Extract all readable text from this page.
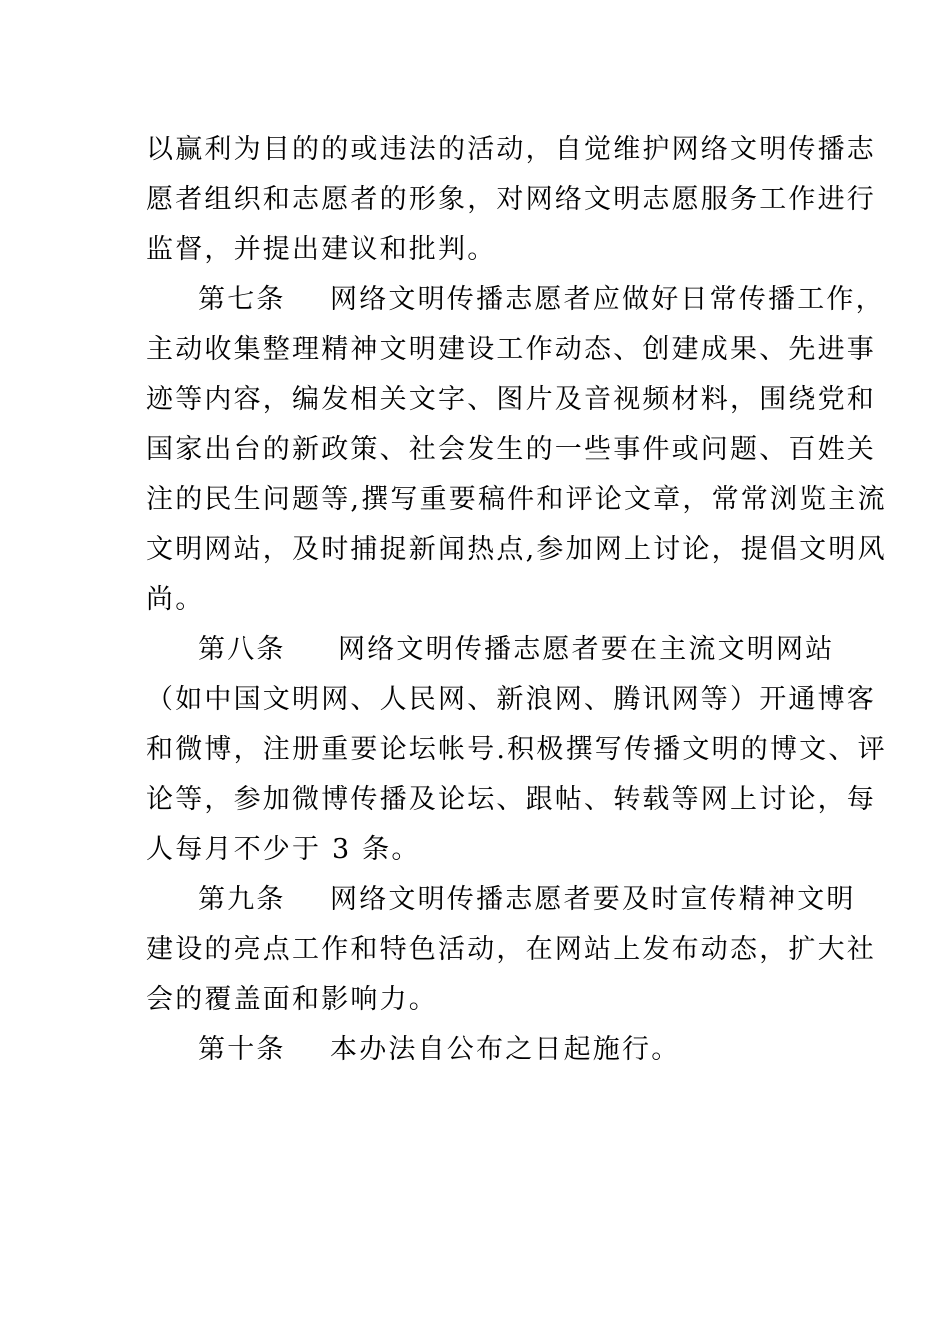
以赢利为目的的或违法的活动，自觉维护网络文明传播志
愿者组织和志愿者的形象，对网络文明志愿服务工作进行
监督，并提出建议和批判。
第七条 网络文明传播志愿者应做好日常传播工作，
主动收集整理精神文明建设工作动态、创建成果、先进事
迹等内容，编发相关文字、图片及音视频材料，围绕党和
国家出台的新政策、社会发生的一些事件或问题、百姓关
注的民生问题等,撰写重要稿件和评论文章，常常浏览主流
文明网站，及时捕捉新闻热点,参加网上讨论，提倡文明风
尚。
第八条 网络文明传播志愿者要在主流文明网站
（如中国文明网、人民网、新浪网、腾讯网等）开通博客
和微博，注册重要论坛帐号.积极撰写传播文明的博文、评
论等，参加微博传播及论坛、跟帖、转载等网上讨论，每
人每月不少于 3 条。
第九条 网络文明传播志愿者要及时宣传精神文明
建设的亮点工作和特色活动，在网站上发布动态，扩大社
会的覆盖面和影响力。
第十条 本办法自公布之日起施行。
